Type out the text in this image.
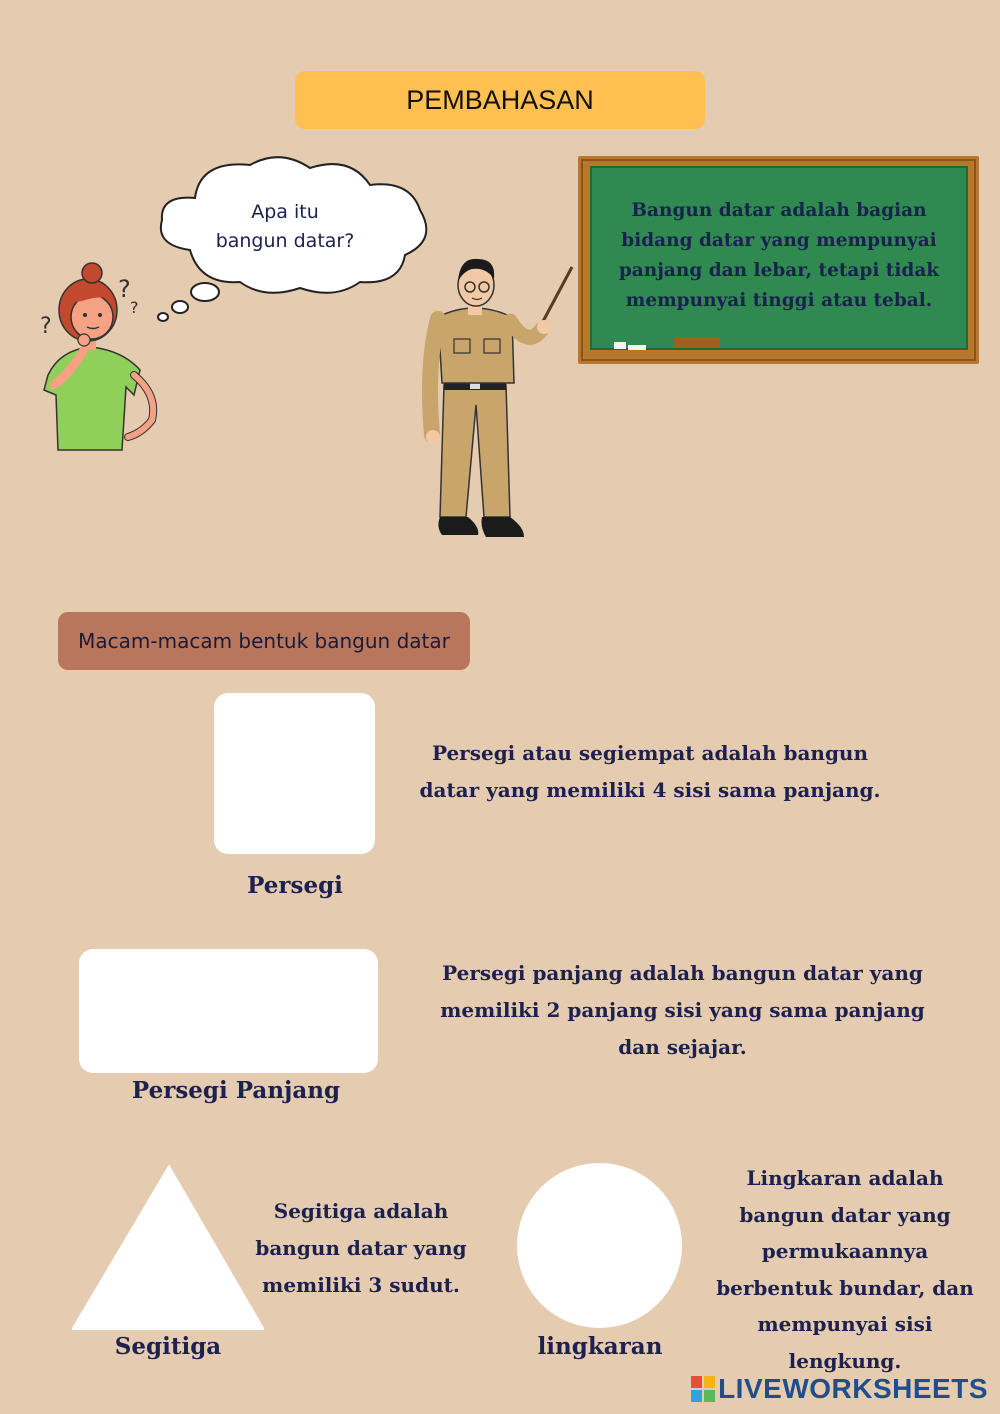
PEMBAHASAN
?
?
?
Apa itu
bangun datar?
Bangun datar adalah bagian
bidang datar yang mempunyai
panjang dan lebar, tetapi tidak
mempunyai tinggi atau tebal.
Macam-macam bentuk bangun datar
Persegi
Persegi atau segiempat adalah bangun
datar yang memiliki 4 sisi sama panjang.
Persegi Panjang
Persegi panjang adalah bangun datar yang
memiliki 2 panjang sisi yang sama panjang
dan sejajar.
Segitiga
Segitiga adalah
bangun datar yang
memiliki 3 sudut.
lingkaran
Lingkaran adalah
bangun datar yang
permukaannya
berbentuk bundar, dan
mempunyai sisi
lengkung.
LIVEWORKSHEETS
